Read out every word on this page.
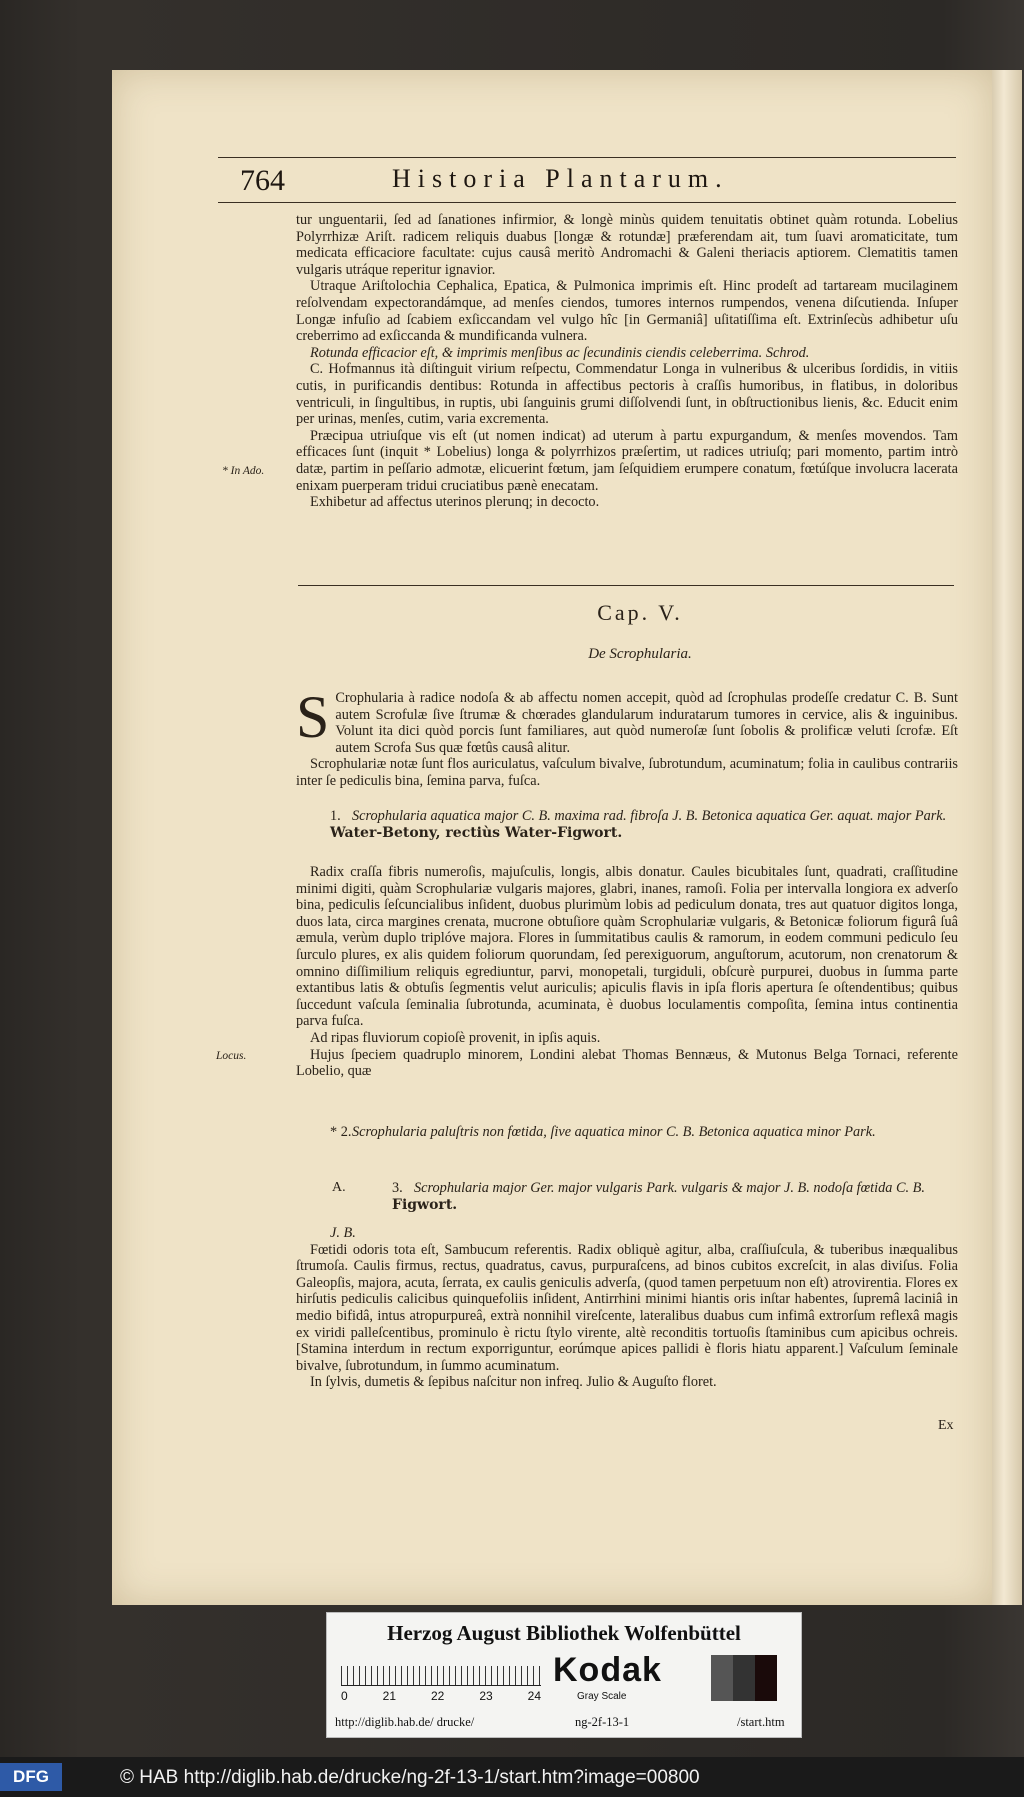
764	Historia Plantarum.

tur unguentarii, ſed ad ſanationes infirmior, & longè minùs quidem tenuitatis obtinet quàm rotunda. Lobelius Polyrrhizæ Ariſt. radicem reliquis duabus [longæ & rotundæ] præferendam ait, tum ſuavi aromaticitate, tum medicata efficaciore facultate: cujus causâ meritò Andromachi & Galeni theriacis aptiorem. Clematitis tamen vulgaris utráque reperitur ignavior.

Utraque Ariſtolochia Cephalica, Epatica, & Pulmonica imprimis eſt. Hinc prodeſt ad tartaream mucilaginem reſolvendam expectorandámque, ad menſes ciendos, tumores internos rumpendos, venena diſcutienda. Inſuper Longæ infuſio ad ſcabiem exſiccandam vel vulgo hîc [in Germaniâ] uſitatiſſima eſt. Extrinſecùs adhibetur uſu creberrimo ad exſiccanda & mundificanda vulnera.

Rotunda efficacior eſt, & imprimis menſibus ac ſecundinis ciendis celeberrima. Schrod.

C. Hofmannus ità diſtinguit virium reſpectu, Commendatur Longa in vulneribus & ulceribus ſordidis, in vitiis cutis, in purificandis dentibus: Rotunda in affectibus pectoris à craſſis humoribus, in flatibus, in doloribus ventriculi, in ſingultibus, in ruptis, ubi ſanguinis grumi diſſolvendi ſunt, in obſtructionibus lienis, &c. Educit enim per urinas, menſes, cutim, varia excrementa.

Præcipua utriuſque vis eſt (ut nomen indicat) ad uterum à partu expurgandum, & menſes movendos. Tam efficaces ſunt (inquit * Lobelius) longa & polyrrhizos præſertim, ut radices utriuſq; pari momento, partim intrò datæ, partim in peſſario admotæ, elicuerint fœtum, jam ſeſquidiem erumpere conatum, fœtúſque involucra lacerata enixam puerperam tridui cruciatibus pænè enecatam.

Exhibetur ad affectus uterinos plerunq; in decocto.

* In Ado.
Cap. V.
De Scrophularia.
S Crophularia à radice nodoſa & ab affectu nomen accepit, quòd ad ſcrophulas prodeſſe credatur C. B. Sunt autem Scrofulæ ſive ſtrumæ & chœrades glandularum induratarum tumores in cervice, alis & inguinibus. Volunt ita dici quòd porcis ſunt familiares, aut quòd numeroſæ ſunt ſobolis & prolificæ veluti ſcrofæ. Eſt autem Scrofa Sus quæ fœtûs causâ alitur.

Scrophulariæ notæ ſunt flos auriculatus, vaſculum bivalve, ſubrotundum, acuminatum; folia in caulibus contrariis inter ſe pediculis bina, ſemina parva, fuſca.

1. Scrophularia aquatica major C. B. maxima rad. fibroſa J. B. Betonica aquatica Ger. aquat. major Park. Water-Betony, rectiùs Water-Figwort.

Radix craſſa fibris numeroſis, majuſculis, longis, albis donatur. Caules bicubitales ſunt, quadrati, craſſitudine minimi digiti, quàm Scrophulariæ vulgaris majores, glabri, inanes, ramoſi. Folia per intervalla longiora ex adverſo bina, pediculis ſeſcuncialibus inſident, duobus plurimùm lobis ad pediculum donata, tres aut quatuor digitos longa, duos lata, circa margines crenata, mucrone obtuſiore quàm Scrophulariæ vulgaris, & Betonicæ foliorum figurâ ſuâ æmula, verùm duplo triplóve majora. Flores in ſummitatibus caulis & ramorum, in eodem communi pediculo ſeu ſurculo plures, ex alis quidem foliorum quorundam, ſed perexiguorum, anguſtorum, acutorum, non crenatorum & omnino diſſimilium reliquis egrediuntur, parvi, monopetali, turgiduli, obſcurè purpurei, duobus in ſumma parte extantibus latis & obtuſis ſegmentis velut auriculis; apiculis flavis in ipſa floris apertura ſe oſtendentibus; quibus ſuccedunt vaſcula ſeminalia ſubrotunda, acuminata, è duobus loculamentis compoſita, ſemina intus continentia parva fuſca.

Ad ripas fluviorum copioſè provenit, in ipſis aquis.

Hujus ſpeciem quadruplo minorem, Londini alebat Thomas Bennæus, & Mutonus Belga Tornaci, referente Lobelio, quæ

Locus.
* 2.Scrophularia paluſtris non fœtida, ſive aquatica minor C. B. Betonica aquatica minor Park.
A.	3. Scrophularia major Ger. major vulgaris Park. vulgaris & major J. B. nodoſa fœtida C. B. Figwort.

J. B.

Fœtidi odoris tota eſt, Sambucum referentis. Radix obliquè agitur, alba, craſſiuſcula, & tuberibus inæqualibus ſtrumoſa. Caulis firmus, rectus, quadratus, cavus, purpuraſcens, ad binos cubitos excreſcit, in alas diviſus. Folia Galeopſis, majora, acuta, ſerrata, ex caulis geniculis adverſa, (quod tamen perpetuum non eſt) atrovirentia. Flores ex hirſutis pediculis calicibus quinquefoliis inſident, Antirrhini minimi hiantis oris inſtar habentes, ſupremâ laciniâ in medio bifidâ, intus atropurpureâ, extrà nonnihil vireſcente, lateralibus duabus cum infimâ extrorſum reflexâ magis ex viridi palleſcentibus, prominulo è rictu ſtylo virente, altè reconditis tortuoſis ſtaminibus cum apicibus ochreis. [Stamina interdum in rectum exporriguntur, eorúmque apices pallidi è floris hiatu apparent.] Vaſculum ſeminale bivalve, ſubrotundum, in ſummo acuminatum.

In ſylvis, dumetis & ſepibus naſcitur non infreq. Julio & Auguſto floret.

Ex
Herzog August Bibliothek Wolfenbüttel
0	21	22	23	24
Kodak
Gray Scale
http://diglib.hab.de/ drucke/	ng-2f-13-1	/start.htm
DFG	© HAB http://diglib.hab.de/drucke/ng-2f-13-1/start.htm?image=00800
